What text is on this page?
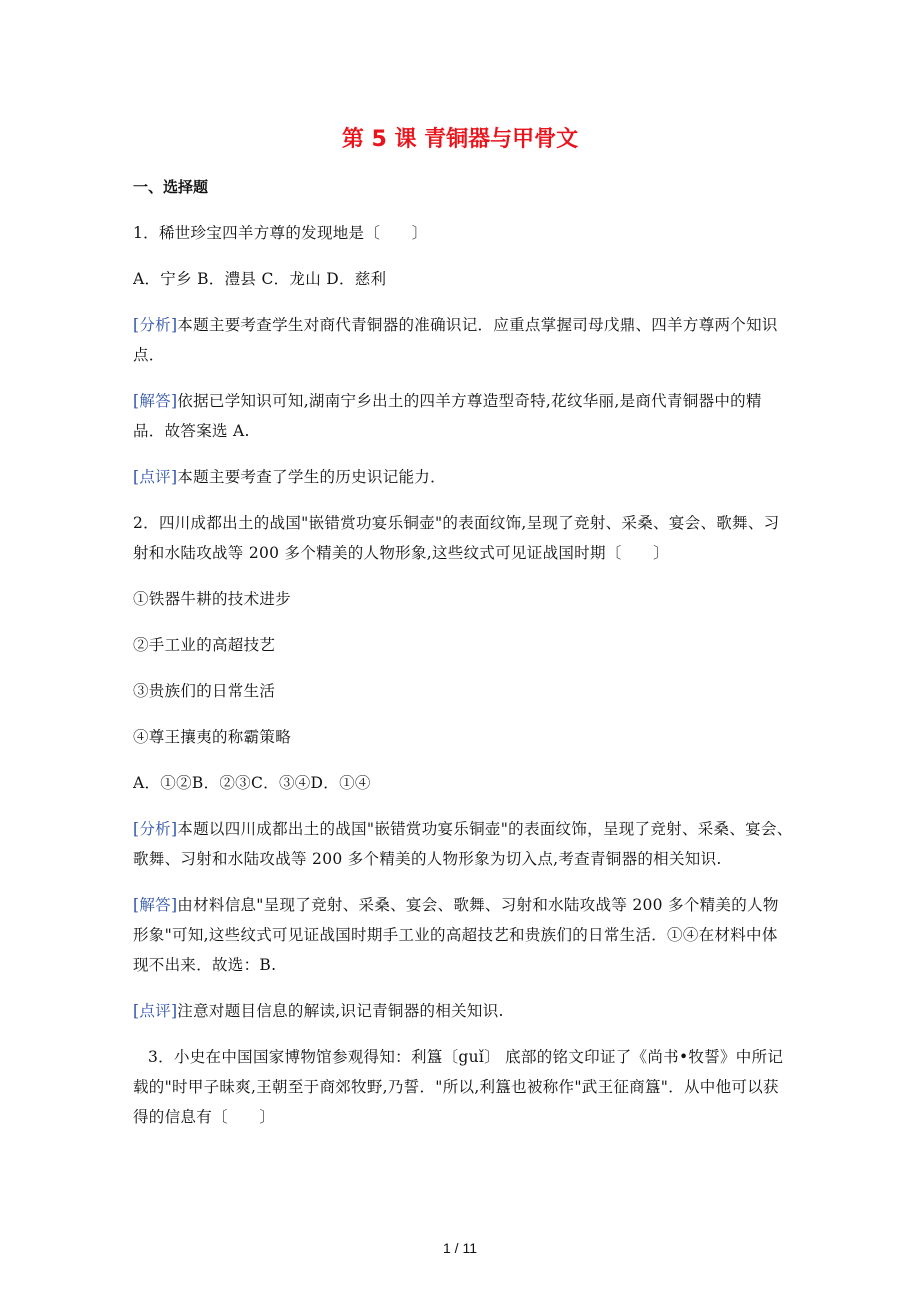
第 5 课 青铜器与甲骨文
一、选择题

1．稀世珍宝四羊方尊的发现地是〔　　〕

A．宁乡 B．澧县 C．龙山 D．慈利

[分析]本题主要考查学生对商代青铜器的准确识记．应重点掌握司母戊鼎、四羊方尊两个知识点．

[解答]依据已学知识可知,湖南宁乡出土的四羊方尊造型奇特,花纹华丽,是商代青铜器中的精品．故答案选 A.

[点评]本题主要考查了学生的历史识记能力．

2．四川成都出土的战国"嵌错赏功宴乐铜壶"的表面纹饰,呈现了竞射、采桑、宴会、歌舞、习射和水陆攻战等 200 多个精美的人物形象,这些纹式可见证战国时期〔　　〕

①铁器牛耕的技术进步

②手工业的高超技艺

③贵族们的日常生活

④尊王攘夷的称霸策略

A．①②B．②③C．③④D．①④

[分析]本题以四川成都出土的战国"嵌错赏功宴乐铜壶"的表面纹饰，呈现了竞射、采桑、宴会、歌舞、习射和水陆攻战等 200 多个精美的人物形象为切入点,考查青铜器的相关知识.

[解答]由材料信息"呈现了竞射、采桑、宴会、歌舞、习射和水陆攻战等 200 多个精美的人物形象"可知,这些纹式可见证战国时期手工业的高超技艺和贵族们的日常生活．①④在材料中体现不出来．故选：B.

[点评]注意对题目信息的解读,识记青铜器的相关知识.

3．小史在中国国家博物馆参观得知：利簋〔guǐ〕 底部的铭文印证了《尚书•牧誓》中所记载的"时甲子昧爽,王朝至于商郊牧野,乃誓．"所以,利簋也被称作"武王征商簋"．从中他可以获得的信息有〔　　〕

1 / 11
